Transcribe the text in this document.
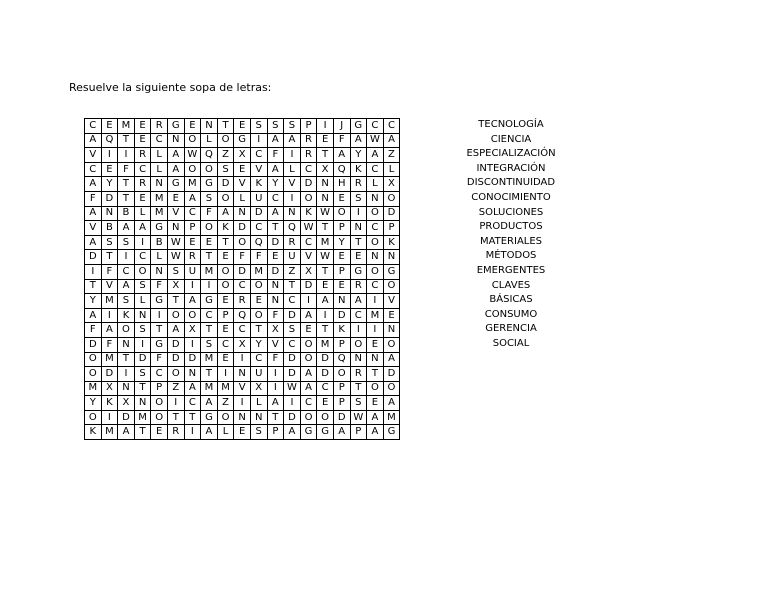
Resuelve la siguiente sopa de letras:

C	E	M	E	R	G	E	N	T	E	S	S	S	P	I	J	G	C	C
A	Q	T	E	C	N	O	L	O	G	I	A	A	R	E	F	A	W	A
V	I	I	R	L	A	W	Q	Z	X	C	F	I	R	T	A	Y	A	Z
C	E	F	C	L	A	O	O	S	E	V	A	L	C	X	Q	K	C	L
A	Y	T	R	N	G	M	G	D	V	K	Y	V	D	N	H	R	L	X
F	D	T	E	M	E	A	S	O	L	U	C	I	O	N	E	S	N	O
A	N	B	L	M	V	C	F	A	N	D	A	N	K	W	O	I	O	D
V	B	A	A	G	N	P	O	K	D	C	T	Q	W	T	P	N	C	P
A	S	S	I	B	W	E	E	T	O	Q	D	R	C	M	Y	T	O	K
D	T	I	C	L	W	R	T	E	F	F	E	U	V	W	E	E	N	N
I	F	C	O	N	S	U	M	O	D	M	D	Z	X	T	P	G	O	G
T	V	A	S	F	X	I	I	O	C	O	N	T	D	E	E	R	C	O
Y	M	S	L	G	T	A	G	E	R	E	N	C	I	A	N	A	I	V
A	I	K	N	I	O	O	C	P	Q	O	F	D	A	I	D	C	M	E
F	A	O	S	T	A	X	T	E	C	T	X	S	E	T	K	I	I	N
D	F	N	I	G	D	I	S	C	X	Y	V	C	O	M	P	O	E	O
O	M	T	D	F	D	D	M	E	I	C	F	D	O	D	Q	N	N	A
O	D	I	S	C	O	N	T	I	N	U	I	D	A	D	O	R	T	D
M	X	N	T	P	Z	A	M	M	V	X	I	W	A	C	P	T	O	O
Y	K	X	N	O	I	C	A	Z	I	L	A	I	C	E	P	S	E	A
O	I	D	M	O	T	T	G	O	N	N	T	D	O	O	D	W	A	M
K	M	A	T	E	R	I	A	L	E	S	P	A	G	G	A	P	A	G
TECNOLOGÍA
CIENCIA
ESPECIALIZACIÓN
INTEGRACIÓN
DISCONTINUIDAD
CONOCIMIENTO
SOLUCIONES
PRODUCTOS
MATERIALES
MÉTODOS
EMERGENTES
CLAVES
BÁSICAS
CONSUMO
GERENCIA
SOCIAL
